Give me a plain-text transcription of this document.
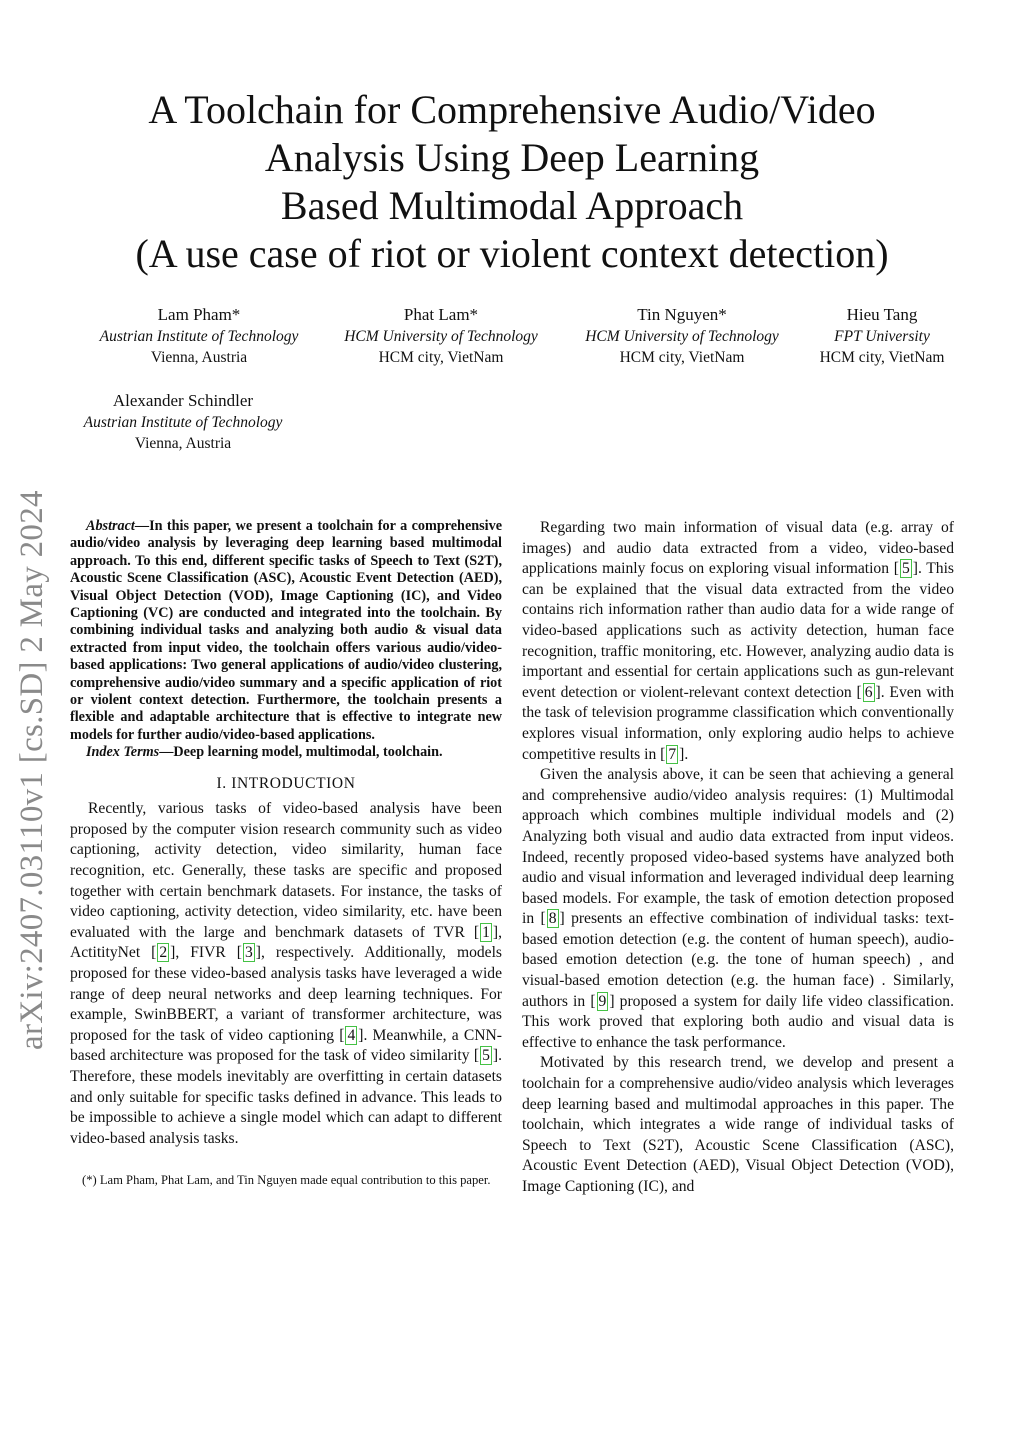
arXiv:2407.03110v1 [cs.SD] 2 May 2024
A Toolchain for Comprehensive Audio/Video
Analysis Using Deep Learning
Based Multimodal Approach
(A use case of riot or violent context detection)
Lam Pham*
Austrian Institute of Technology
Vienna, Austria
Phat Lam*
HCM University of Technology
HCM city, VietNam
Tin Nguyen*
HCM University of Technology
HCM city, VietNam
Hieu Tang
FPT University
HCM city, VietNam
Alexander Schindler
Austrian Institute of Technology
Vienna, Austria

Abstract—In this paper, we present a toolchain for a comprehensive audio/video analysis by leveraging deep learning based multimodal approach. To this end, different specific tasks of Speech to Text (S2T), Acoustic Scene Classification (ASC), Acoustic Event Detection (AED), Visual Object Detection (VOD), Image Captioning (IC), and Video Captioning (VC) are conducted and integrated into the toolchain. By combining individual tasks and analyzing both audio & visual data extracted from input video, the toolchain offers various audio/video-based applications: Two general applications of audio/video clustering, comprehensive audio/video summary and a specific application of riot or violent context detection. Furthermore, the toolchain presents a flexible and adaptable architecture that is effective to integrate new models for further audio/video-based applications.

Index Terms—Deep learning model, multimodal, toolchain.

I. INTRODUCTION

Recently, various tasks of video-based analysis have been proposed by the computer vision research community such as video captioning, activity detection, video similarity, human face recognition, etc. Generally, these tasks are specific and proposed together with certain benchmark datasets. For instance, the tasks of video captioning, activity detection, video similarity, etc. have been evaluated with the large and benchmark datasets of TVR [ 1 ], ActitityNet [ 2 ], FIVR [ 3 ], respectively. Additionally, models proposed for these video-based analysis tasks have leveraged a wide range of deep neural networks and deep learning techniques. For example, SwinBBERT, a variant of transformer architecture, was proposed for the task of video captioning [ 4 ]. Meanwhile, a CNN-based architecture was proposed for the task of video similarity [ 5 ]. Therefore, these models inevitably are overfitting in certain datasets and only suitable for specific tasks defined in advance. This leads to be impossible to achieve a single model which can adapt to different video-based analysis tasks.

(*) Lam Pham, Phat Lam, and Tin Nguyen made equal contribution to this paper.

Regarding two main information of visual data (e.g. array of images) and audio data extracted from a video, video-based applications mainly focus on exploring visual information [ 5 ]. This can be explained that the visual data extracted from the video contains rich information rather than audio data for a wide range of video-based applications such as activity detection, human face recognition, traffic monitoring, etc. However, analyzing audio data is important and essential for certain applications such as gun-relevant event detection or violent-relevant context detection [ 6 ]. Even with the task of television programme classification which conventionally explores visual information, only exploring audio helps to achieve competitive results in [ 7 ].

Given the analysis above, it can be seen that achieving a general and comprehensive audio/video analysis requires: (1) Multimodal approach which combines multiple individual models and (2) Analyzing both visual and audio data extracted from input videos. Indeed, recently proposed video-based systems have analyzed both audio and visual information and leveraged individual deep learning based models. For example, the task of emotion detection proposed in [ 8 ] presents an effective combination of individual tasks: text-based emotion detection (e.g. the content of human speech), audio-based emotion detection (e.g. the tone of human speech) , and visual-based emotion detection (e.g. the human face) . Similarly, authors in [ 9 ] proposed a system for daily life video classification. This work proved that exploring both audio and visual data is effective to enhance the task performance.

Motivated by this research trend, we develop and present a toolchain for a comprehensive audio/video analysis which leverages deep learning based and multimodal approaches in this paper. The toolchain, which integrates a wide range of individual tasks of Speech to Text (S2T), Acoustic Scene Classification (ASC), Acoustic Event Detection (AED), Visual Object Detection (VOD), Image Captioning (IC), and
